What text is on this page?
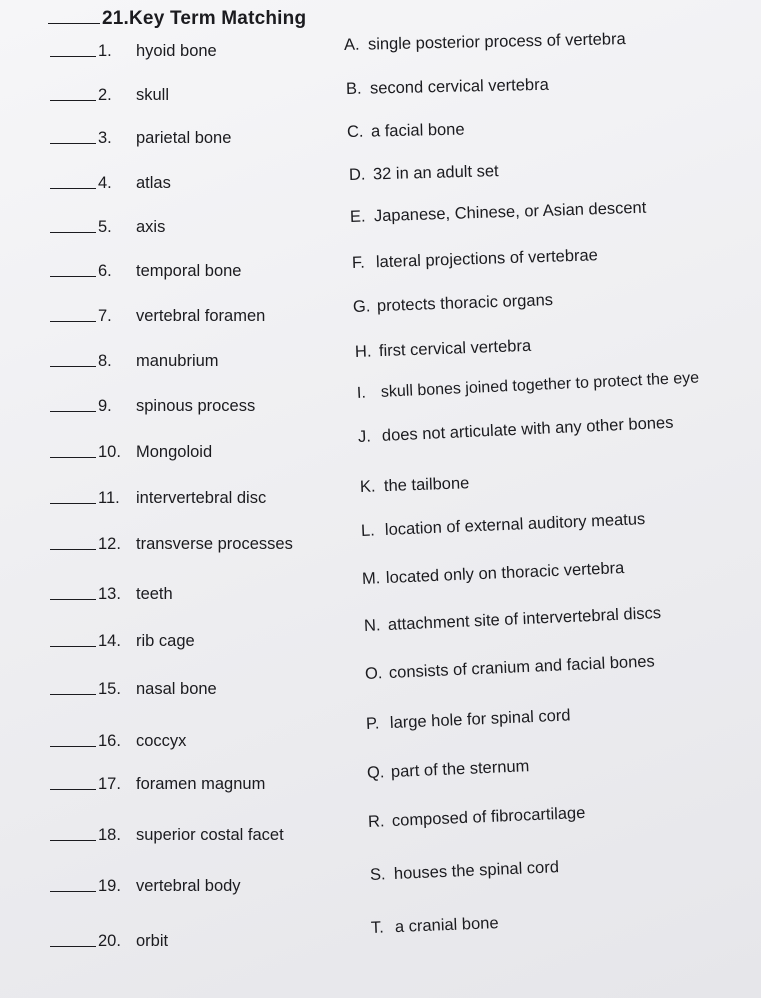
21.Key Term Matching
1.	hyoid bone
2.	skull
3.	parietal bone
4.	atlas
5.	axis
6.	temporal bone
7.	vertebral foramen
8.	manubrium
9.	spinous process
10. Mongoloid
11. intervertebral disc
12. transverse processes
13. teeth
14. rib cage
15. nasal bone
16. coccyx
17. foramen magnum
18. superior costal facet
19. vertebral body
20. orbit
A. single posterior process of vertebra
B. second cervical vertebra
C. a facial bone
D. 32 in an adult set
E. Japanese, Chinese, or Asian descent
F. lateral projections of vertebrae
G. protects thoracic organs
H. first cervical vertebra
I. skull bones joined together to protect the eye
J. does not articulate with any other bones
K. the tailbone
L. location of external auditory meatus
M. located only on thoracic vertebra
N. attachment site of intervertebral discs
O. consists of cranium and facial bones
P. large hole for spinal cord
Q. part of the sternum
R. composed of fibrocartilage
S. houses the spinal cord
T. a cranial bone
